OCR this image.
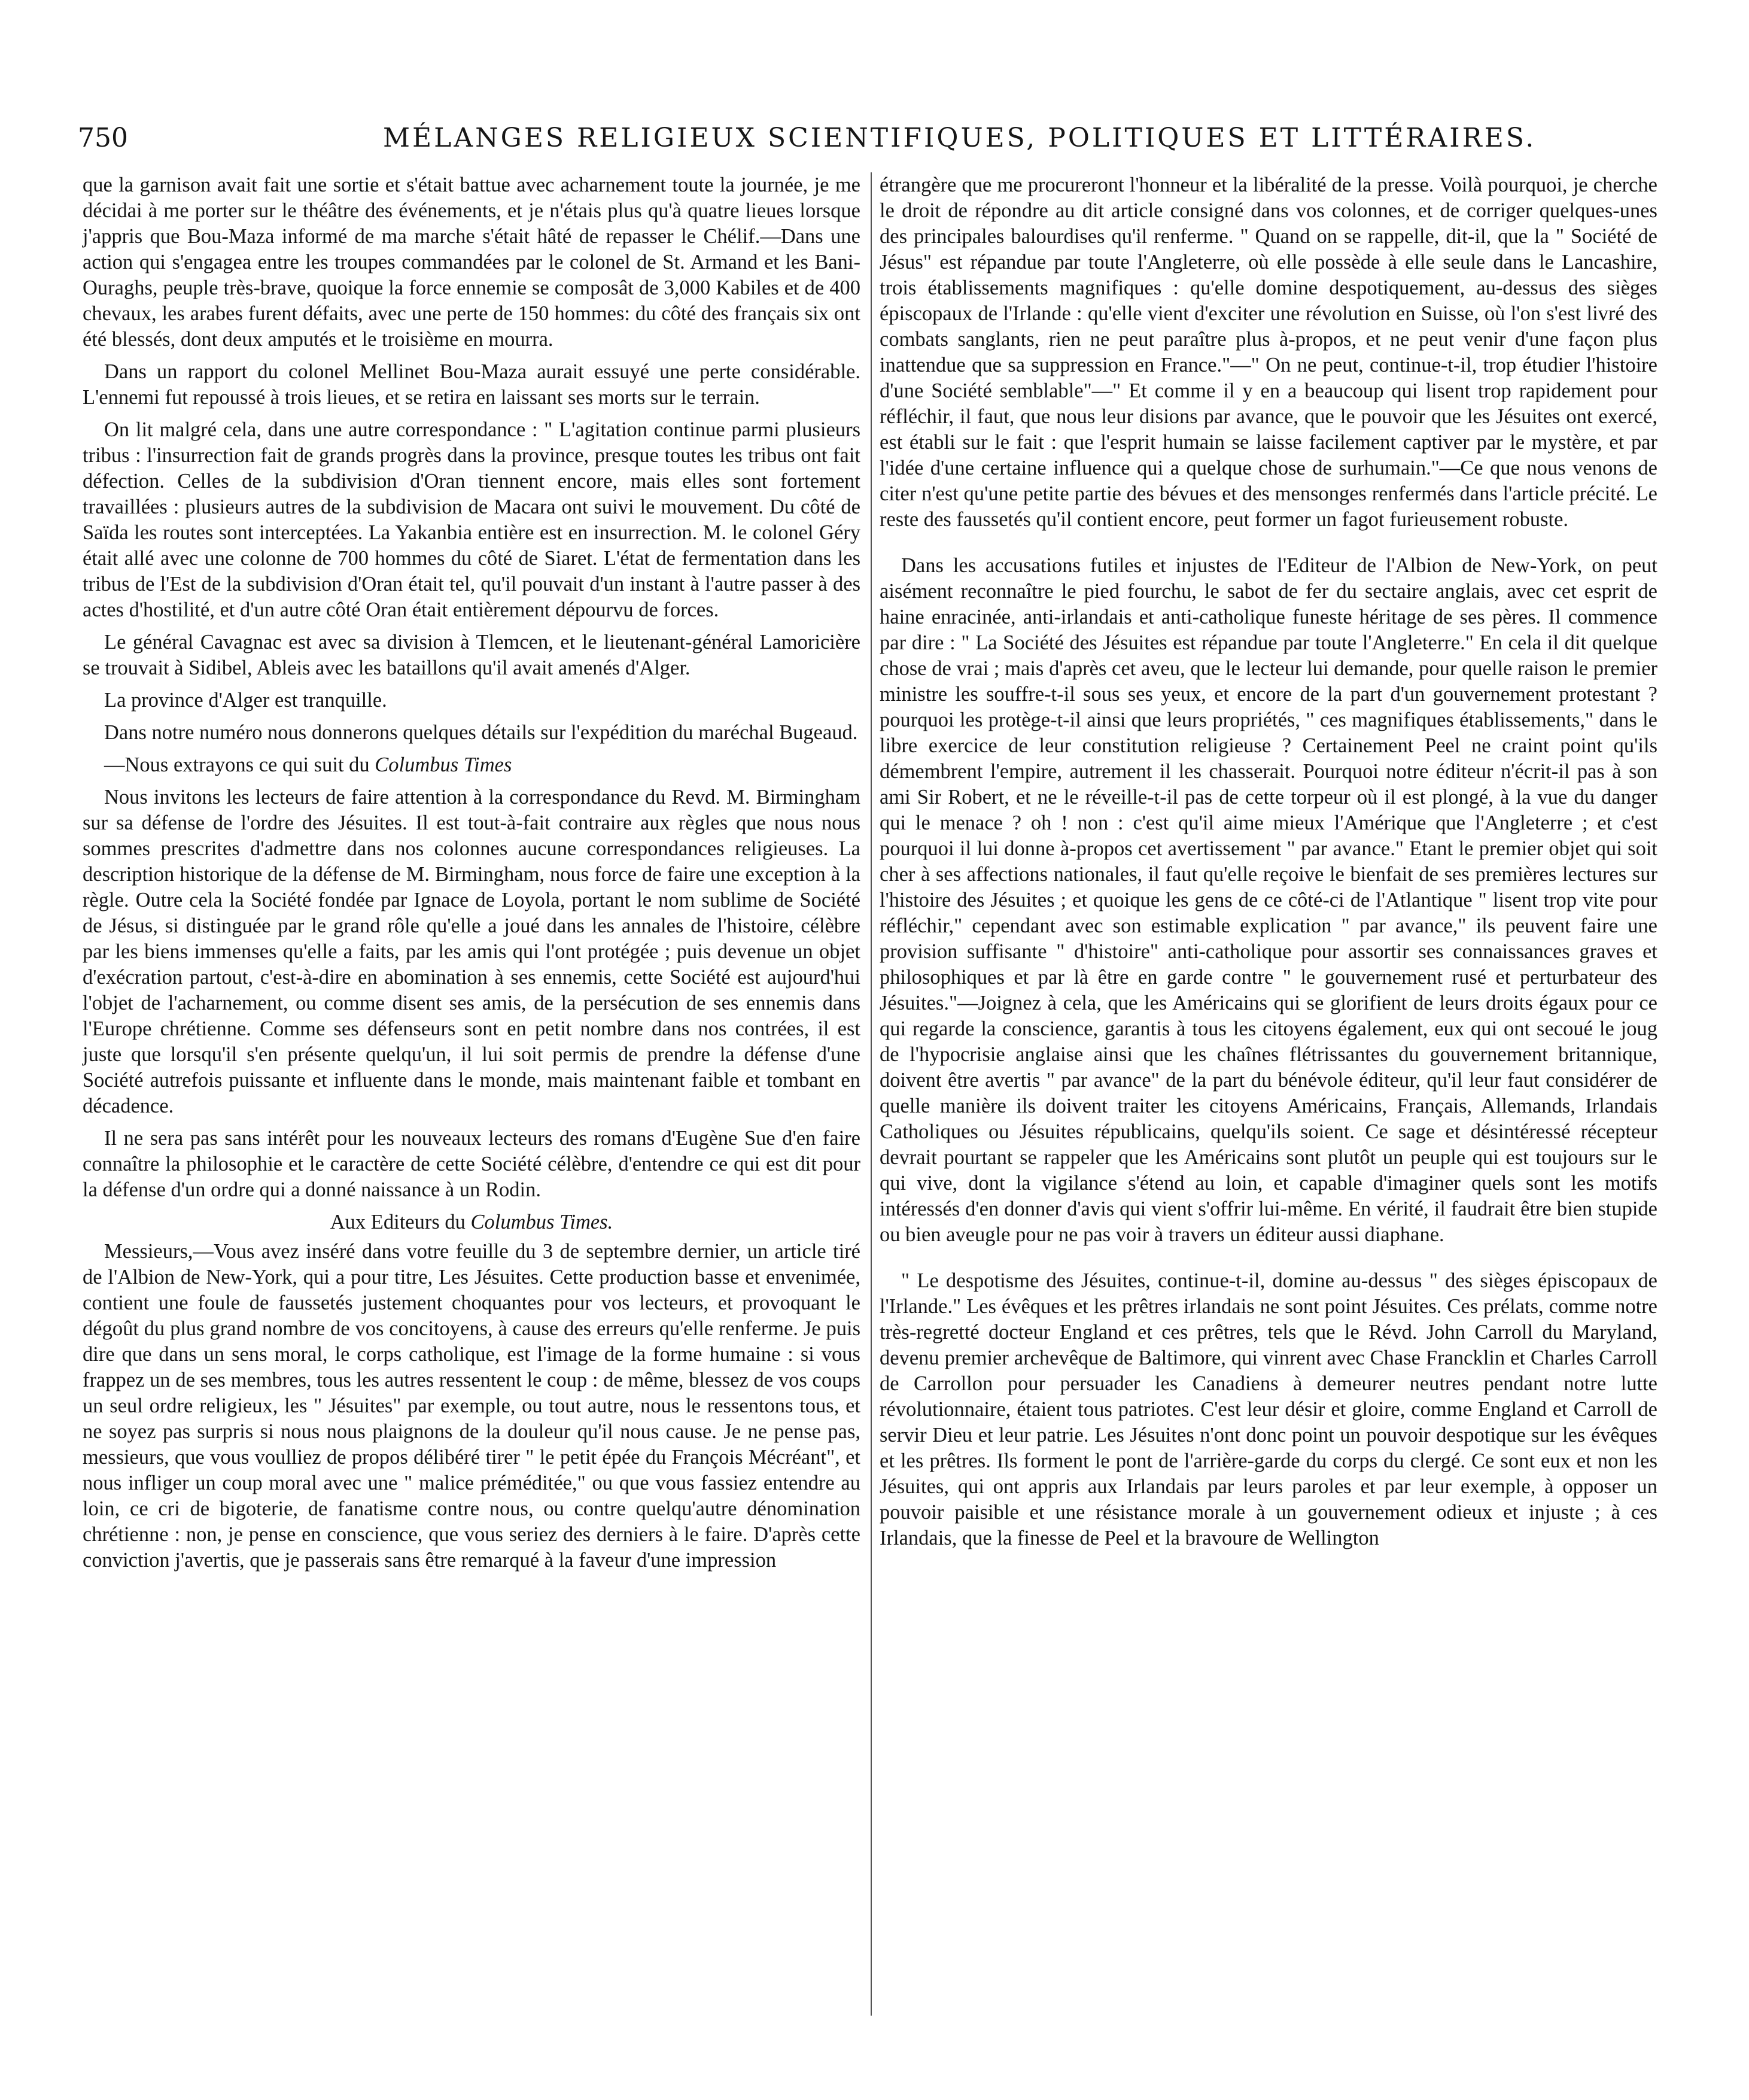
750	MÉLANGES RELIGIEUX SCIENTIFIQUES, POLITIQUES ET LITTÉRAIRES.

que la garnison avait fait une sortie et s'était battue avec acharnement toute la journée, je me décidai à me porter sur le théâtre des événements, et je n'étais plus qu'à quatre lieues lorsque j'appris que Bou-Maza informé de ma marche s'était hâté de repasser le Chélif.—Dans une action qui s'engagea entre les troupes commandées par le colonel de St. Armand et les Bani-Ouraghs, peuple très-brave, quoique la force ennemie se composât de 3,000 Kabiles et de 400 chevaux, les arabes furent défaits, avec une perte de 150 hommes: du côté des français six ont été blessés, dont deux amputés et le troisième en mourra.

Dans un rapport du colonel Mellinet Bou-Maza aurait essuyé une perte considérable. L'ennemi fut repoussé à trois lieues, et se retira en laissant ses morts sur le terrain.

On lit malgré cela, dans une autre correspondance : " L'agitation continue parmi plusieurs tribus : l'insurrection fait de grands progrès dans la province, presque toutes les tribus ont fait défection. Celles de la subdivision d'Oran tiennent encore, mais elles sont fortement travaillées : plusieurs autres de la subdivision de Macara ont suivi le mouvement. Du côté de Saïda les routes sont interceptées. La Yakanbia entière est en insurrection. M. le colonel Géry était allé avec une colonne de 700 hommes du côté de Siaret. L'état de fermentation dans les tribus de l'Est de la subdivision d'Oran était tel, qu'il pouvait d'un instant à l'autre passer à des actes d'hostilité, et d'un autre côté Oran était entièrement dépourvu de forces.

Le général Cavagnac est avec sa division à Tlemcen, et le lieutenant-général Lamoricière se trouvait à Sidibel, Ableis avec les bataillons qu'il avait amenés d'Alger.

La province d'Alger est tranquille.

Dans notre numéro nous donnerons quelques détails sur l'expédition du maréchal Bugeaud.

—Nous extrayons ce qui suit du Columbus Times

Nous invitons les lecteurs de faire attention à la correspondance du Revd. M. Birmingham sur sa défense de l'ordre des Jésuites. Il est tout-à-fait contraire aux règles que nous nous sommes prescrites d'admettre dans nos colonnes aucune correspondances religieuses. La description historique de la défense de M. Birmingham, nous force de faire une exception à la règle. Outre cela la Société fondée par Ignace de Loyola, portant le nom sublime de Société de Jésus, si distinguée par le grand rôle qu'elle a joué dans les annales de l'histoire, célèbre par les biens immenses qu'elle a faits, par les amis qui l'ont protégée ; puis devenue un objet d'exécration partout, c'est-à-dire en abomination à ses ennemis, cette Société est aujourd'hui l'objet de l'acharnement, ou comme disent ses amis, de la persécution de ses ennemis dans l'Europe chrétienne. Comme ses défenseurs sont en petit nombre dans nos contrées, il est juste que lorsqu'il s'en présente quelqu'un, il lui soit permis de prendre la défense d'une Société autrefois puissante et influente dans le monde, mais maintenant faible et tombant en décadence.

Il ne sera pas sans intérêt pour les nouveaux lecteurs des romans d'Eugène Sue d'en faire connaître la philosophie et le caractère de cette Société célèbre, d'entendre ce qui est dit pour la défense d'un ordre qui a donné naissance à un Rodin.

Aux Editeurs du Columbus Times.

Messieurs,—Vous avez inséré dans votre feuille du 3 de septembre dernier, un article tiré de l'Albion de New-York, qui a pour titre, Les Jésuites. Cette production basse et envenimée, contient une foule de faussetés justement choquantes pour vos lecteurs, et provoquant le dégoût du plus grand nombre de vos concitoyens, à cause des erreurs qu'elle renferme. Je puis dire que dans un sens moral, le corps catholique, est l'image de la forme humaine : si vous frappez un de ses membres, tous les autres ressentent le coup : de même, blessez de vos coups un seul ordre religieux, les " Jésuites" par exemple, ou tout autre, nous le ressentons tous, et ne soyez pas surpris si nous nous plaignons de la douleur qu'il nous cause. Je ne pense pas, messieurs, que vous voulliez de propos délibéré tirer " le petit épée du François Mécréant", et nous infliger un coup moral avec une " malice préméditée," ou que vous fassiez entendre au loin, ce cri de bigoterie, de fanatisme contre nous, ou contre quelqu'autre dénomination chrétienne : non, je pense en conscience, que vous seriez des derniers à le faire. D'après cette conviction j'avertis, que je passerais sans être remarqué à la faveur d'une impression

étrangère que me procureront l'honneur et la libéralité de la presse. Voilà pourquoi, je cherche le droit de répondre au dit article consigné dans vos colonnes, et de corriger quelques-unes des principales balourdises qu'il renferme. " Quand on se rappelle, dit-il, que la " Société de Jésus" est répandue par toute l'Angleterre, où elle possède à elle seule dans le Lancashire, trois établissements magnifiques : qu'elle domine despotiquement, au-dessus des sièges épiscopaux de l'Irlande : qu'elle vient d'exciter une révolution en Suisse, où l'on s'est livré des combats sanglants, rien ne peut paraître plus à-propos, et ne peut venir d'une façon plus inattendue que sa suppression en France."—" On ne peut, continue-t-il, trop étudier l'histoire d'une Société semblable"—" Et comme il y en a beaucoup qui lisent trop rapidement pour réfléchir, il faut, que nous leur disions par avance, que le pouvoir que les Jésuites ont exercé, est établi sur le fait : que l'esprit humain se laisse facilement captiver par le mystère, et par l'idée d'une certaine influence qui a quelque chose de surhumain."—Ce que nous venons de citer n'est qu'une petite partie des bévues et des mensonges renfermés dans l'article précité. Le reste des faussetés qu'il contient encore, peut former un fagot furieusement robuste.

Dans les accusations futiles et injustes de l'Editeur de l'Albion de New-York, on peut aisément reconnaître le pied fourchu, le sabot de fer du sectaire anglais, avec cet esprit de haine enracinée, anti-irlandais et anti-catholique funeste héritage de ses pères. Il commence par dire : " La Société des Jésuites est répandue par toute l'Angleterre." En cela il dit quelque chose de vrai ; mais d'après cet aveu, que le lecteur lui demande, pour quelle raison le premier ministre les souffre-t-il sous ses yeux, et encore de la part d'un gouvernement protestant ? pourquoi les protège-t-il ainsi que leurs propriétés, " ces magnifiques établissements," dans le libre exercice de leur constitution religieuse ? Certainement Peel ne craint point qu'ils démembrent l'empire, autrement il les chasserait. Pourquoi notre éditeur n'écrit-il pas à son ami Sir Robert, et ne le réveille-t-il pas de cette torpeur où il est plongé, à la vue du danger qui le menace ? oh ! non : c'est qu'il aime mieux l'Amérique que l'Angleterre ; et c'est pourquoi il lui donne à-propos cet avertissement " par avance." Etant le premier objet qui soit cher à ses affections nationales, il faut qu'elle reçoive le bienfait de ses premières lectures sur l'histoire des Jésuites ; et quoique les gens de ce côté-ci de l'Atlantique " lisent trop vite pour réfléchir," cependant avec son estimable explication " par avance," ils peuvent faire une provision suffisante " d'histoire" anti-catholique pour assortir ses connaissances graves et philosophiques et par là être en garde contre " le gouvernement rusé et perturbateur des Jésuites."—Joignez à cela, que les Américains qui se glorifient de leurs droits égaux pour ce qui regarde la conscience, garantis à tous les citoyens également, eux qui ont secoué le joug de l'hypocrisie anglaise ainsi que les chaînes flétrissantes du gouvernement britannique, doivent être avertis " par avance" de la part du bénévole éditeur, qu'il leur faut considérer de quelle manière ils doivent traiter les citoyens Américains, Français, Allemands, Irlandais Catholiques ou Jésuites républicains, quelqu'ils soient. Ce sage et désintéressé récepteur devrait pourtant se rappeler que les Américains sont plutôt un peuple qui est toujours sur le qui vive, dont la vigilance s'étend au loin, et capable d'imaginer quels sont les motifs intéressés d'en donner d'avis qui vient s'offrir lui-même. En vérité, il faudrait être bien stupide ou bien aveugle pour ne pas voir à travers un éditeur aussi diaphane.

" Le despotisme des Jésuites, continue-t-il, domine au-dessus " des sièges épiscopaux de l'Irlande." Les évêques et les prêtres irlandais ne sont point Jésuites. Ces prélats, comme notre très-regretté docteur England et ces prêtres, tels que le Révd. John Carroll du Maryland, devenu premier archevêque de Baltimore, qui vinrent avec Chase Francklin et Charles Carroll de Carrollon pour persuader les Canadiens à demeurer neutres pendant notre lutte révolutionnaire, étaient tous patriotes. C'est leur désir et gloire, comme England et Carroll de servir Dieu et leur patrie. Les Jésuites n'ont donc point un pouvoir despotique sur les évêques et les prêtres. Ils forment le pont de l'arrière-garde du corps du clergé. Ce sont eux et non les Jésuites, qui ont appris aux Irlandais par leurs paroles et par leur exemple, à opposer un pouvoir paisible et une résistance morale à un gouvernement odieux et injuste ; à ces Irlandais, que la finesse de Peel et la bravoure de Wellington
